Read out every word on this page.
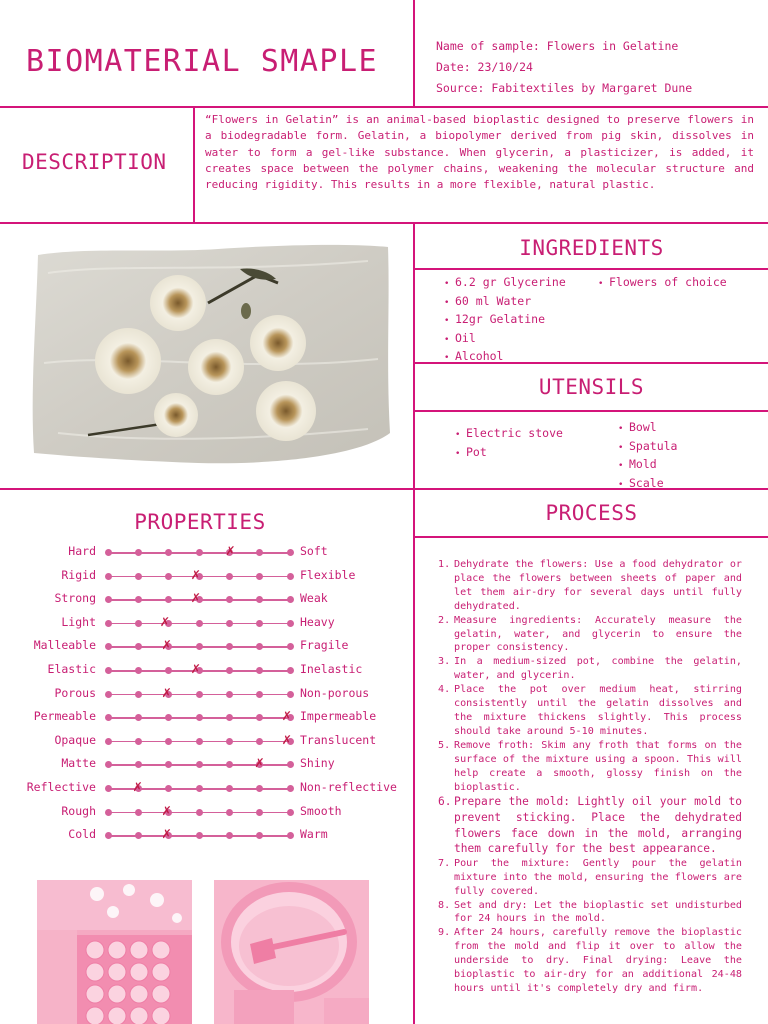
BIOMATERIAL SMAPLE	Name of sample: Flowers in Gelatine
Date: 23/10/24
Source: Fabitextiles by Margaret Dune
DESCRIPTION
“Flowers in Gelatin” is an animal-based bioplastic designed to preserve flowers in a biodegradable form. Gelatin, a biopolymer derived from pig skin, dissolves in water to form a gel-like substance. When glycerin, a plasticizer, is added, it creates space between the polymer chains, weakening the molecular structure and reducing rigidity. This results in a more flexible, natural plastic.
INGREDIENTS
• 6.2 gr Glycerine
• 60 ml Water
• 12gr Gelatine
• Oil
• Alcohol
• Flowers of choice
UTENSILS
• Electric stove
• Pot
• Bowl
• Spatula
• Mold
• Scale
PROPERTIES
Hard	✗	Soft
Rigid	✗	Flexible
Strong	✗	Weak
Light	✗	Heavy
Malleable	✗	Fragile
Elastic	✗	Inelastic
Porous	✗	Non-porous
Permeable	✗ Impermeable
Opaque	✗ Translucent
Matte	✗	Shiny
Reflective ✗	Non-reflective
Rough	✗	Smooth
Cold	✗	Warm
PROCESS
1. Dehydrate the flowers: Use a food dehydrator or place the flowers between sheets of paper and let them air-dry for several days until fully dehydrated.
2. Measure ingredients: Accurately measure the gelatin, water, and glycerin to ensure the proper consistency.
3. In a medium-sized pot, combine the gelatin, water, and glycerin.
4. Place the pot over medium heat, stirring consistently until the gelatin dissolves and the mixture thickens slightly. This process should take around 5-10 minutes.
5. Remove froth: Skim any froth that forms on the surface of the mixture using a spoon. This will help create a smooth, glossy finish on the bioplastic.
6. Prepare the mold: Lightly oil your mold to prevent sticking. Place the dehydrated flowers face down in the mold, arranging them carefully for the best appearance.
7. Pour the mixture: Gently pour the gelatin mixture into the mold, ensuring the flowers are fully covered.
8. Set and dry: Let the bioplastic set undisturbed for 24 hours in the mold.
9. After 24 hours, carefully remove the bioplastic from the mold and flip it over to allow the underside to dry. Final drying: Leave the bioplastic to air-dry for an additional 24-48 hours until it's completely dry and firm.
